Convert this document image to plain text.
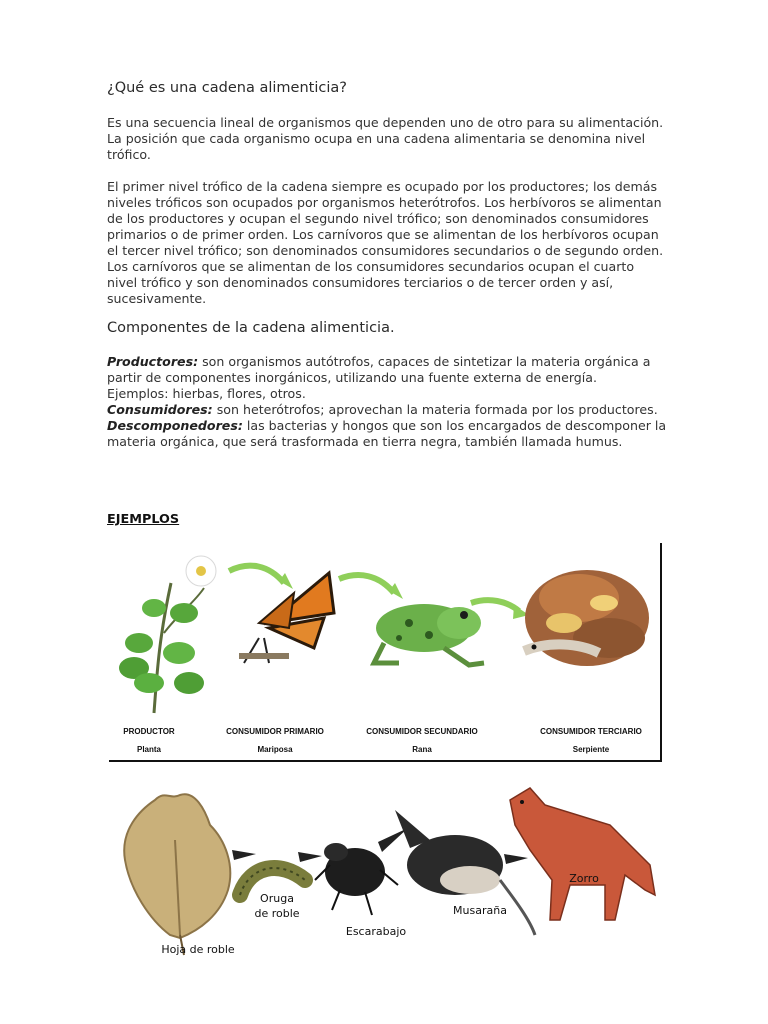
¿Qué es una cadena alimenticia?

Es una secuencia lineal de organismos que dependen uno de otro para su alimentación. La posición que cada organismo ocupa en una cadena alimentaria se denomina nivel trófico.

El primer nivel trófico de la cadena siempre es ocupado por los productores; los demás niveles tróficos son ocupados por organismos heterótrofos. Los herbívoros se alimentan de los productores y ocupan el segundo nivel trófico; son denominados consumidores primarios o de primer orden. Los carnívoros que se alimentan de los herbívoros ocupan el tercer nivel trófico; son denominados consumidores secundarios o de segundo orden. Los carnívoros que se alimentan de los consumidores secundarios ocupan el cuarto nivel trófico y son denominados consumidores terciarios o de tercer orden y así, sucesivamente.

Componentes de la cadena alimenticia.

Productores: son organismos autótrofos, capaces de sintetizar la materia orgánica a partir de componentes inorgánicos, utilizando una fuente externa de energía.
Ejemplos: hierbas, flores, otros.
Consumidores: son heterótrofos; aprovechan la materia formada por los productores.
Descomponedores: las bacterias y hongos que son los encargados de descomponer la materia orgánica, que será trasformada en tierra negra, también llamada humus.

EJEMPLOS
PRODUCTOR
Planta
CONSUMIDOR PRIMARIO
Mariposa
CONSUMIDOR SECUNDARIO
Rana
CONSUMIDOR TERCIARIO
Serpiente
Hoja de roble
Oruga
de roble
Escarabajo
Musaraña
Zorro
